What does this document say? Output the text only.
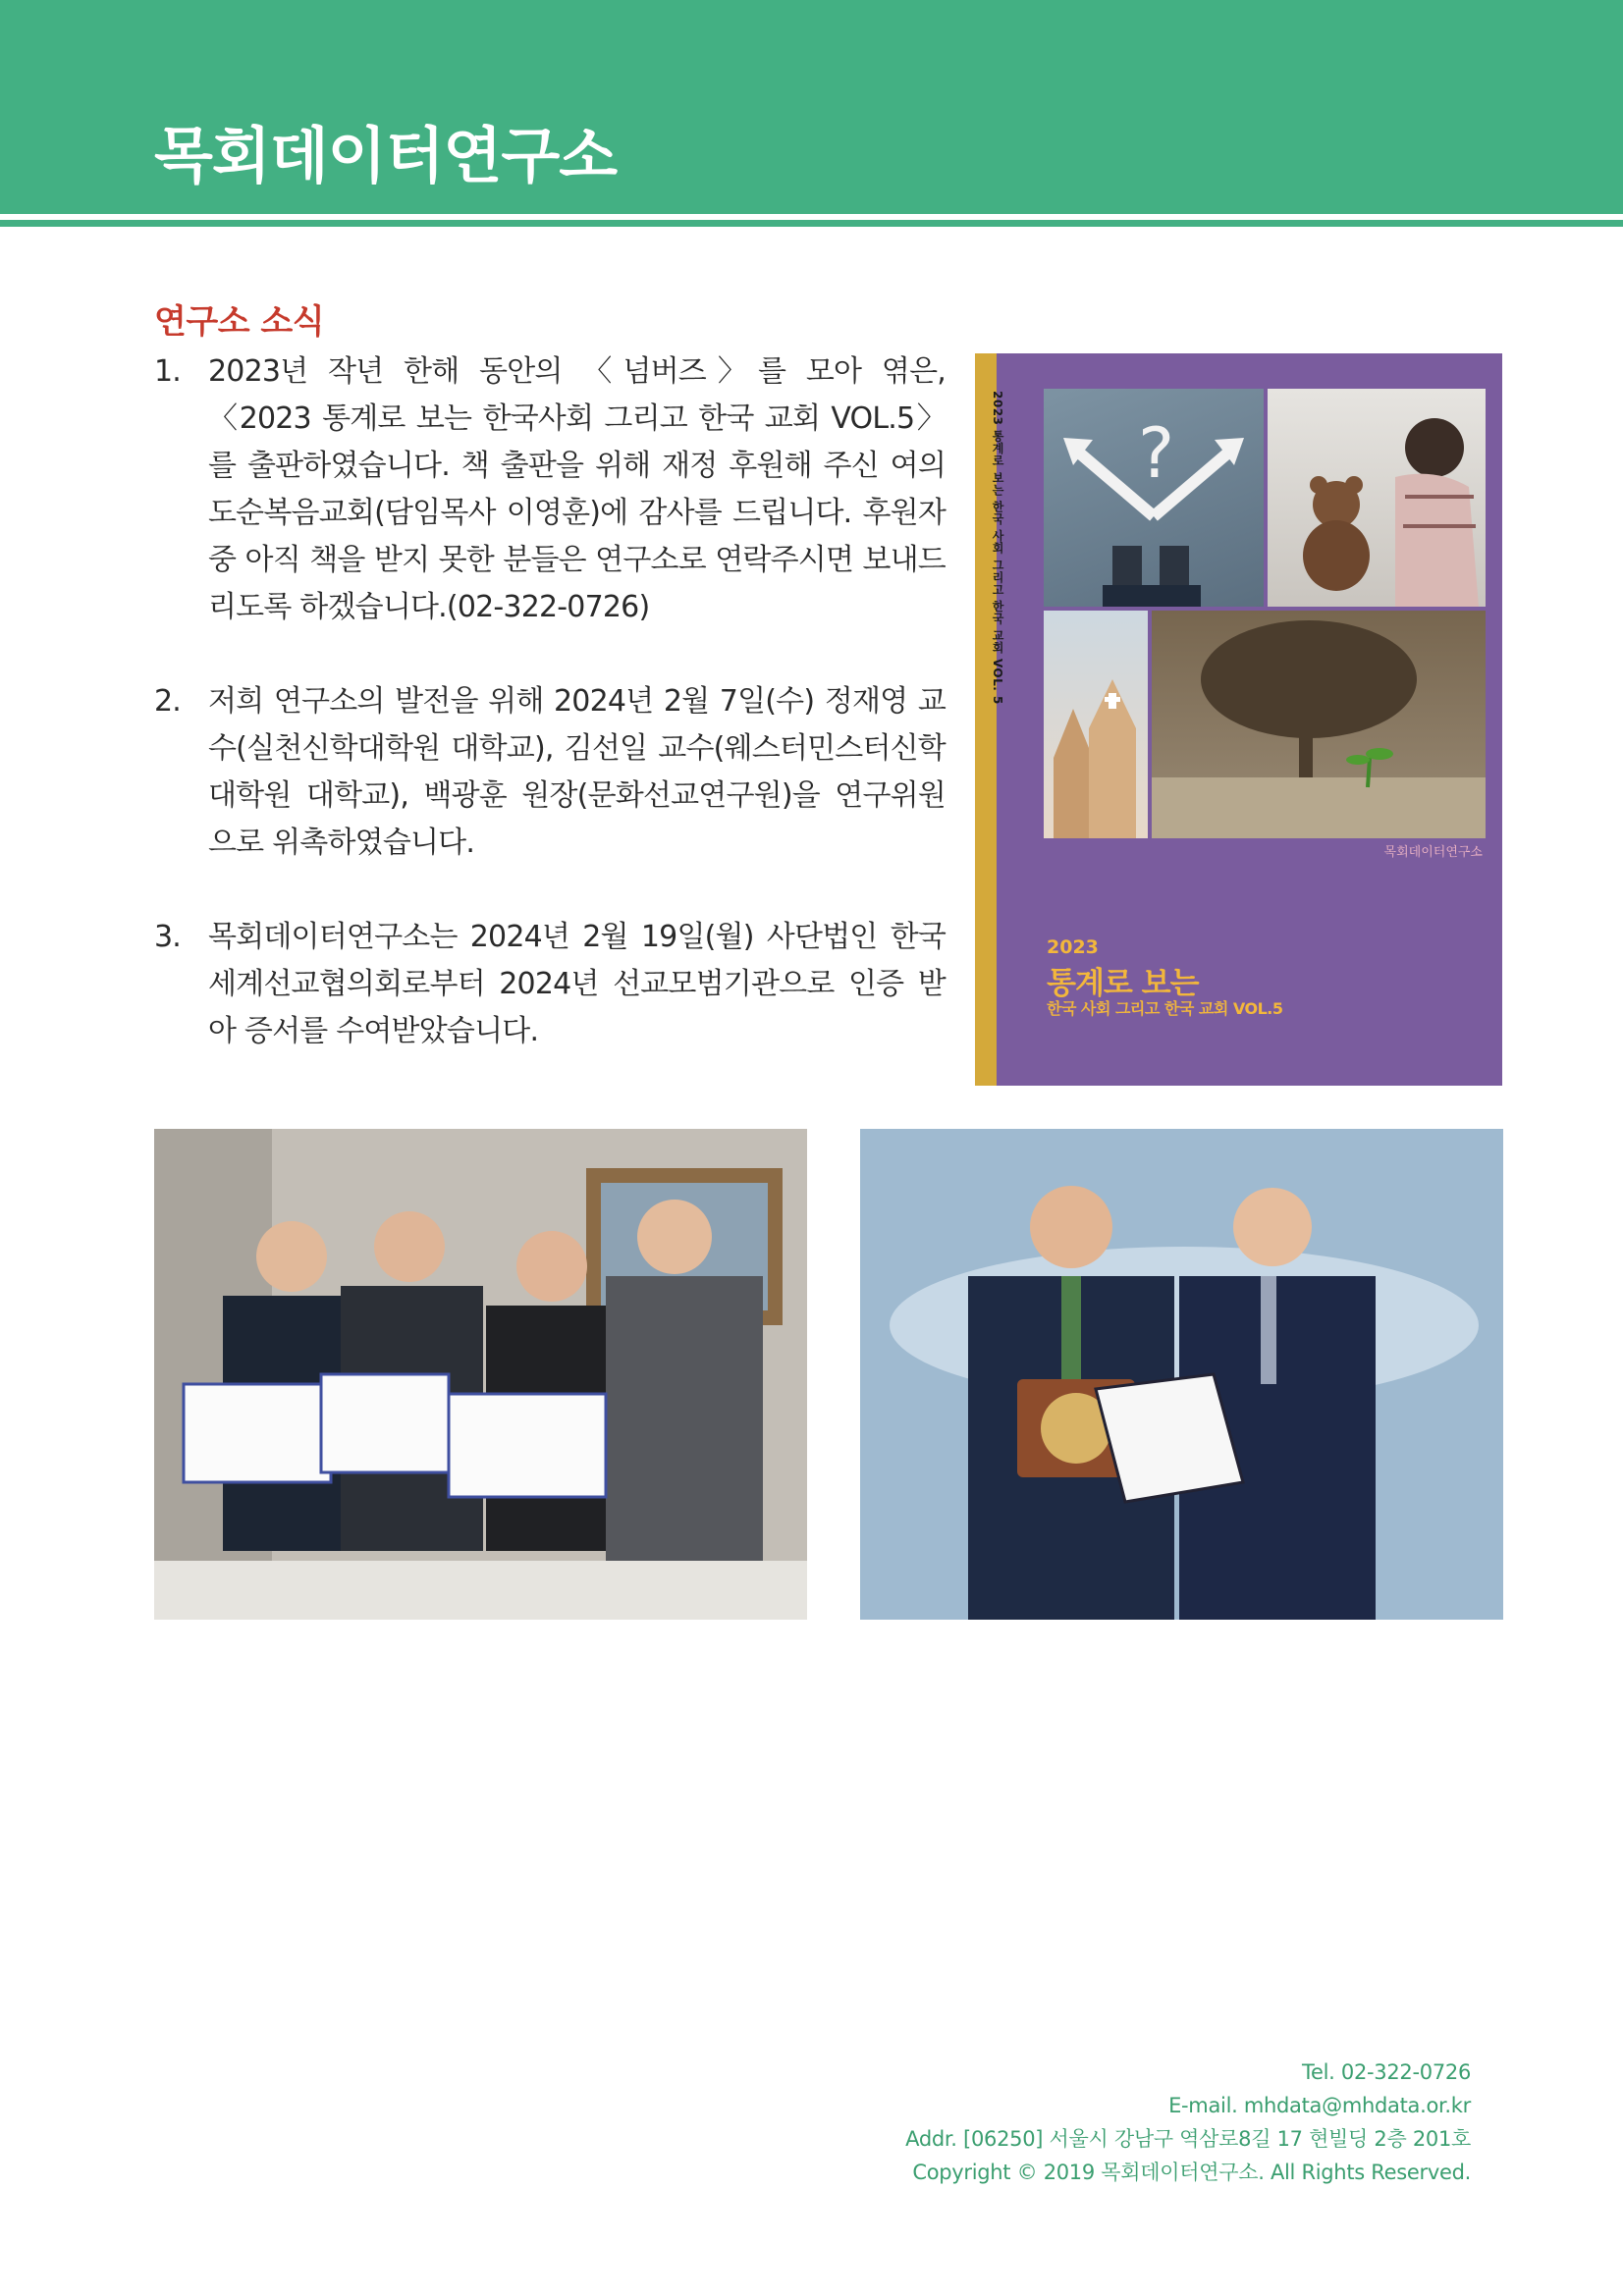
목회데이터연구소
연구소 소식
1. 2023년 작년 한해 동안의 〈넘버즈〉를 모아 엮은, 〈2023 통계로 보는 한국사회 그리고 한국 교회 VOL.5〉를 출판하였습니다. 책 출판을 위해 재정 후원해 주신 여의도순복음교회(담임목사 이영훈)에 감사를 드립니다. 후원자 중 아직 책을 받지 못한 분들은 연구소로 연락주시면 보내드리도록 하겠습니다.(02-322-0726)
2. 저희 연구소의 발전을 위해 2024년 2월 7일(수) 정재영 교수(실천신학대학원 대학교), 김선일 교수(웨스터민스터신학대학원 대학교), 백광훈 원장(문화선교연구원)을 연구위원으로 위촉하였습니다.
3. 목회데이터연구소는 2024년 2월 19일(월) 사단법인 한국세계선교협의회로부터 2024년 선교모범기관으로 인증 받아 증서를 수여받았습니다.
2023 통계로 보는 한국 사회 그리고 한국 교회 VOL. 5 ?
목회데이터연구소
2023
통계로 보는
한국 사회 그리고 한국 교회 VOL.5
Tel. 02-322-0726
E-mail. mhdata@mhdata.or.kr
Addr. [06250] 서울시 강남구 역삼로8길 17 현빌딩 2층 201호
Copyright © 2019 목회데이터연구소. All Rights Reserved.
